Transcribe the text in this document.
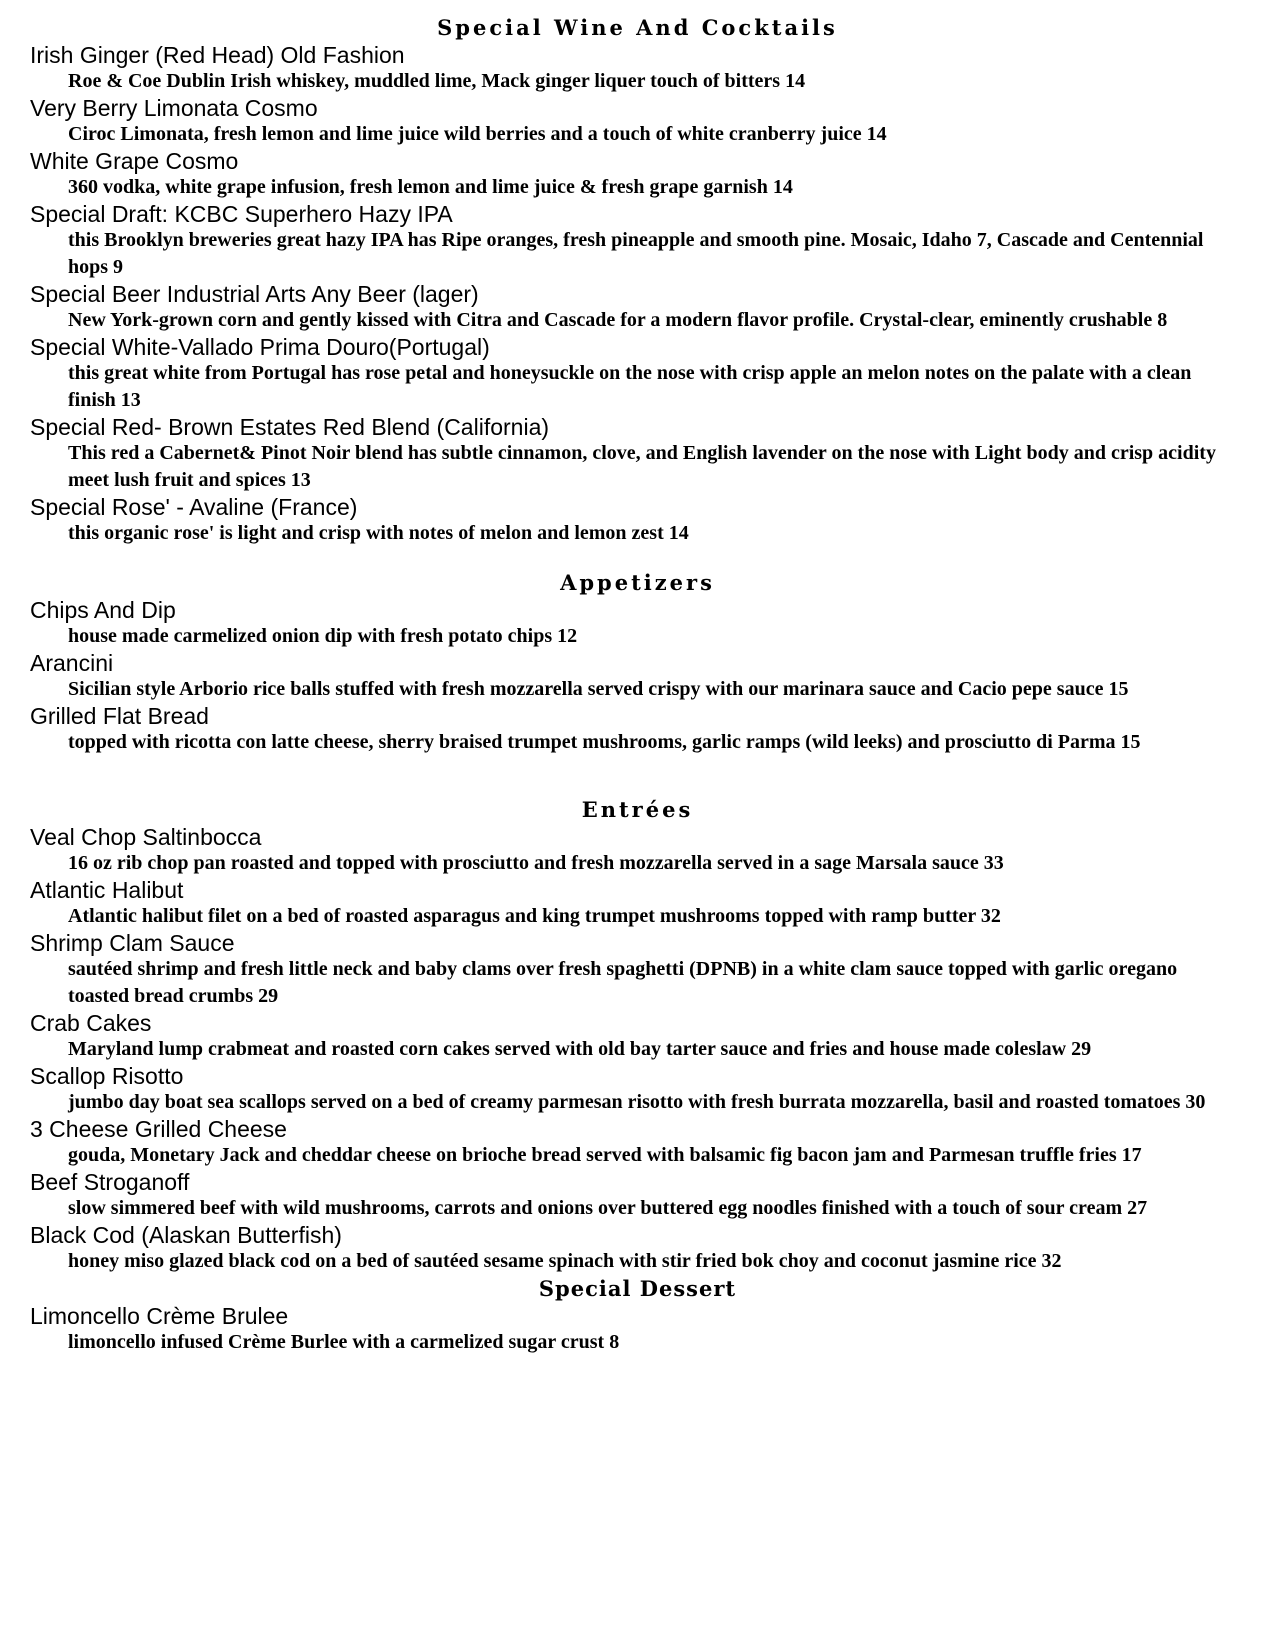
Special Wine And Cocktails

Irish Ginger (Red Head) Old Fashion

Roe & Coe Dublin Irish whiskey, muddled lime, Mack ginger liquer touch of bitters 14

Very Berry Limonata Cosmo

Ciroc Limonata, fresh lemon and lime juice wild berries and a touch of white cranberry juice 14

White Grape Cosmo

360 vodka, white grape infusion, fresh lemon and lime juice & fresh grape garnish 14

Special Draft: KCBC Superhero Hazy IPA

this Brooklyn breweries great hazy IPA has Ripe oranges, fresh pineapple and smooth pine. Mosaic, Idaho 7, Cascade and Centennial hops 9

Special Beer Industrial Arts Any Beer (lager)

New York-grown corn and gently kissed with Citra and Cascade for a modern flavor profile. Crystal-clear, eminently crushable 8

Special White-Vallado Prima Douro(Portugal)

this great white from Portugal has rose petal and honeysuckle on the nose with crisp apple an melon notes on the palate with a clean finish 13

Special Red- Brown Estates Red Blend (California)

This red a Cabernet& Pinot Noir blend has subtle cinnamon, clove, and English lavender on the nose with Light body and crisp acidity meet lush fruit and spices 13

Special Rose' - Avaline (France)

this organic rose' is light and crisp with notes of melon and lemon zest 14

Appetizers

Chips And Dip

house made carmelized onion dip with fresh potato chips 12

Arancini

Sicilian style Arborio rice balls stuffed with fresh mozzarella served crispy with our marinara sauce and Cacio pepe sauce 15

Grilled Flat Bread

topped with ricotta con latte cheese, sherry braised trumpet mushrooms, garlic ramps (wild leeks) and prosciutto di Parma 15

Entrées

Veal Chop Saltinbocca

16 oz rib chop pan roasted and topped with prosciutto and fresh mozzarella served in a sage Marsala sauce 33

Atlantic Halibut

Atlantic halibut filet on a bed of roasted asparagus and king trumpet mushrooms topped with ramp butter 32

Shrimp Clam Sauce

sautéed shrimp and fresh little neck and baby clams over fresh spaghetti (DPNB) in a white clam sauce topped with garlic oregano toasted bread crumbs 29

Crab Cakes

Maryland lump crabmeat and roasted corn cakes served with old bay tarter sauce and fries and house made coleslaw 29

Scallop Risotto

jumbo day boat sea scallops served on a bed of creamy parmesan risotto with fresh burrata mozzarella, basil and roasted tomatoes 30

3 Cheese Grilled Cheese

gouda, Monetary Jack and cheddar cheese on brioche bread served with balsamic fig bacon jam and Parmesan truffle fries 17

Beef Stroganoff

slow simmered beef with wild mushrooms, carrots and onions over buttered egg noodles finished with a touch of sour cream 27

Black Cod (Alaskan Butterfish)

honey miso glazed black cod on a bed of sautéed sesame spinach with stir fried bok choy and coconut jasmine rice 32

Special Dessert

Limoncello Crème Brulee

limoncello infused Crème Burlee with a carmelized sugar crust 8
